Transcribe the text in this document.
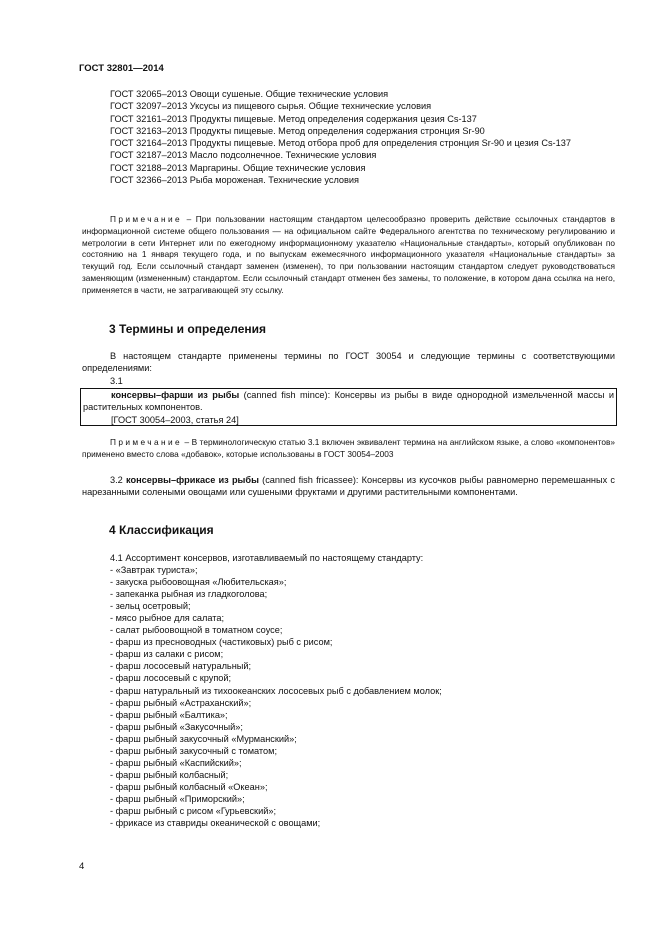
ГОСТ 32801—2014

ГОСТ 32065–2013 Овощи сушеные. Общие технические условия

ГОСТ 32097–2013 Уксусы из пищевого сырья. Общие технические условия

ГОСТ 32161–2013 Продукты пищевые. Метод определения содержания цезия Cs-137

ГОСТ 32163–2013 Продукты пищевые. Метод определения содержания стронция Sr-90

ГОСТ 32164–2013 Продукты пищевые. Метод отбора проб для определения стронция Sr-90 и цезия Cs-137

ГОСТ 32187–2013 Масло подсолнечное. Технические условия

ГОСТ 32188–2013 Маргарины. Общие технические условия

ГОСТ 32366–2013 Рыба мороженая. Технические условия

Примечание – При пользовании настоящим стандартом целесообразно проверить действие ссылочных стандартов в информационной системе общего пользования — на официальном сайте Федерального агентства по техническому регулированию и метрологии в сети Интернет или по ежегодному информационному указателю «Национальные стандарты», который опубликован по состоянию на 1 января текущего года, и по выпускам ежемесячного информационного указателя «Национальные стандарты» за текущий год. Если ссылочный стандарт заменен (изменен), то при пользовании настоящим стандартом следует руководствоваться заменяющим (измененным) стандартом. Если ссылочный стандарт отменен без замены, то положение, в котором дана ссылка на него, применяется в части, не затрагивающей эту ссылку.

3 Термины и определения

В настоящем стандарте применены термины по ГОСТ 30054 и следующие термины с соответствующими определениями:

3.1

консервы–фарши из рыбы (canned fish mince): Консервы из рыбы в виде однородной измельченной массы и растительных компонентов.

[ГОСТ 30054–2003, статья 24]

Примечание – В терминологическую статью 3.1 включен эквивалент термина на английском языке, а слово «компонентов» применено вместо слова «добавок», которые использованы в ГОСТ 30054–2003

3.2 консервы–фрикасе из рыбы (canned fish fricassee): Консервы из кусочков рыбы равномерно перемешанных с нарезанными солеными овощами или сушеными фруктами и другими растительными компонентами.

4 Классификация
4.1 Ассортимент консервов, изготавливаемый по настоящему стандарту:
- «Завтрак туриста»;
- закуска рыбоовощная «Любительская»;
- запеканка рыбная из гладкоголова;
- зельц осетровый;
- мясо рыбное для салата;
- салат рыбоовощной в томатном соусе;
- фарш из пресноводных (частиковых) рыб с рисом;
- фарш из салаки с рисом;
- фарш лососевый натуральный;
- фарш лососевый с крупой;
- фарш натуральный из тихоокеанских лососевых рыб с добавлением молок;
- фарш рыбный «Астраханский»;
- фарш рыбный «Балтика»;
- фарш рыбный «Закусочный»;
- фарш рыбный закусочный «Мурманский»;
- фарш рыбный закусочный с томатом;
- фарш рыбный «Каспийский»;
- фарш рыбный колбасный;
- фарш рыбный колбасный «Океан»;
- фарш рыбный «Приморский»;
- фарш рыбный с рисом «Гурьевский»;
- фрикасе из ставриды океанической с овощами;
4
